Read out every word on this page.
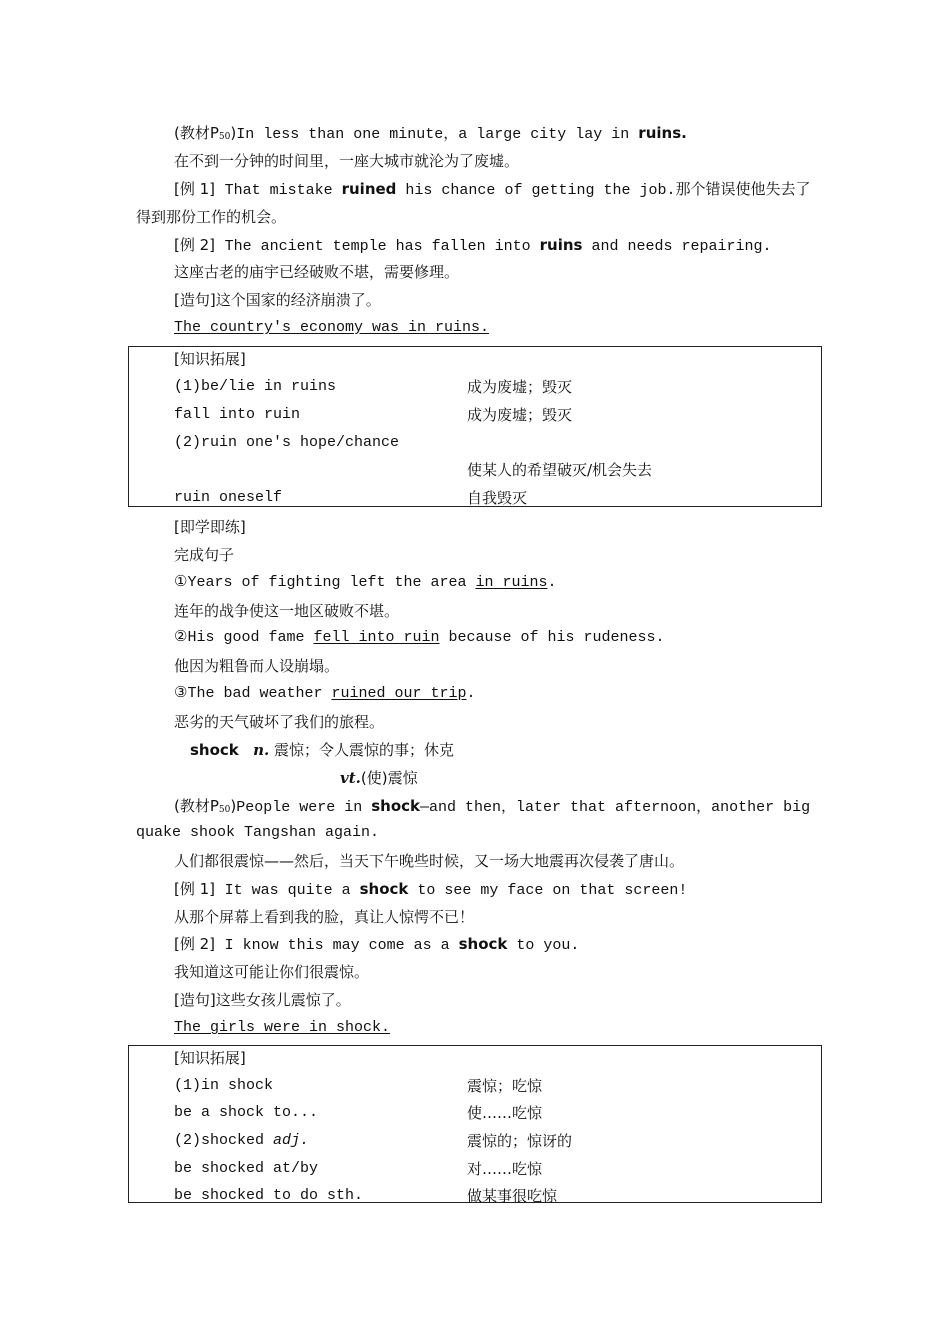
(教材P50)In less than one minute，a large city lay in ruins.
在不到一分钟的时间里，一座大城市就沦为了废墟。
[例 1] That mistake ruined his chance of getting the job.那个错误使他失去了
得到那份工作的机会。
[例 2] The ancient temple has fallen into ruins and needs repairing.
这座古老的庙宇已经破败不堪，需要修理。
[造句]这个国家的经济崩溃了。
The country's economy was in ruins.
[知识拓展]
(1)be/lie in ruins	成为废墟；毁灭
fall into ruin	成为废墟；毁灭
(2)ruin one's hope/chance
使某人的希望破灭/机会失去
ruin oneself	自我毁灭
[即学即练]
完成句子
①Years of fighting left the area in ruins.
连年的战争使这一地区破败不堪。
②His good fame fell into ruin because of his rudeness.
他因为粗鲁而人设崩塌。
③The bad weather ruined our trip.
恶劣的天气破坏了我们的旅程。
shock n. 震惊；令人震惊的事；休克
vt.(使)震惊
(教材P50)People were in shock—and then，later that afternoon，another big
quake shook Tangshan again.
人们都很震惊——然后，当天下午晚些时候，又一场大地震再次侵袭了唐山。
[例 1] It was quite a shock to see my face on that screen!
从那个屏幕上看到我的脸，真让人惊愕不已！
[例 2] I know this may come as a shock to you.
我知道这可能让你们很震惊。
[造句]这些女孩儿震惊了。
The girls were in shock.
[知识拓展]
(1)in shock	震惊；吃惊
be a shock to...	使……吃惊
(2)shocked adj.	震惊的；惊讶的
be shocked at/by	对……吃惊
be shocked to do sth.	做某事很吃惊
